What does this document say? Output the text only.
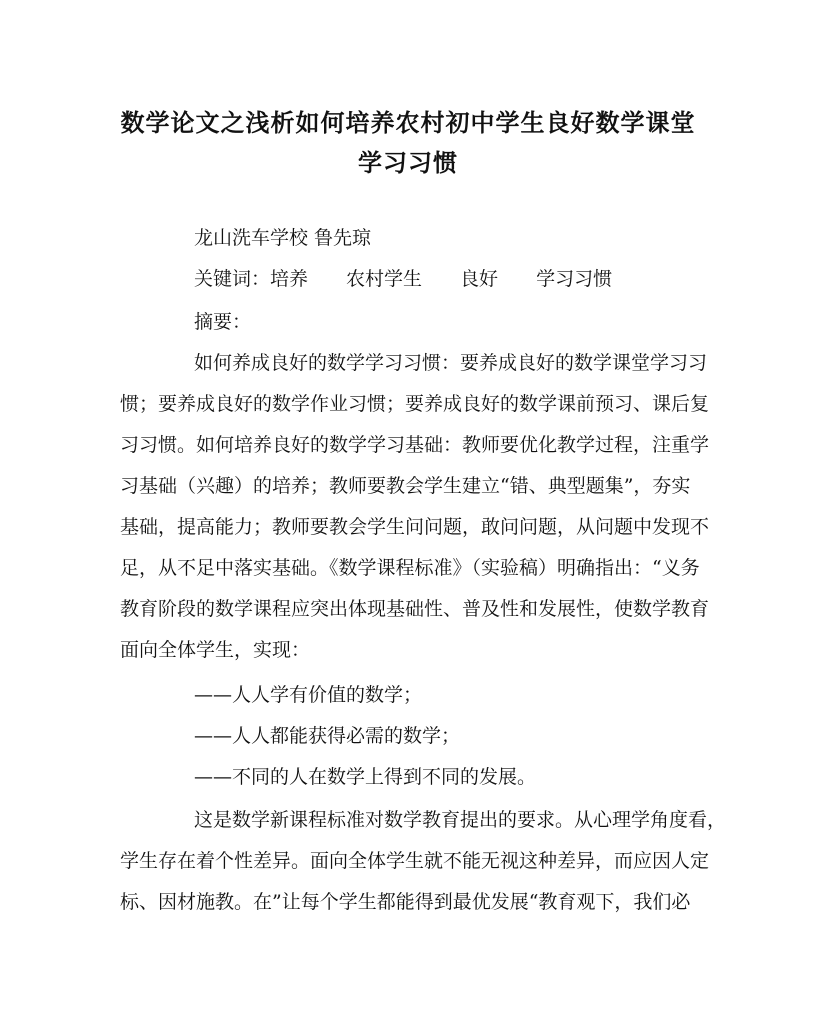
数学论文之浅析如何培养农村初中学生良好数学课堂
学习习惯
龙山洗车学校 鲁先琼
关键词：培养 农村学生 良好 学习习惯
摘要：
如何养成良好的数学学习习惯：要养成良好的数学课堂学习习
惯；要养成良好的数学作业习惯；要养成良好的数学课前预习、课后复
习习惯。如何培养良好的数学学习基础：教师要优化教学过程，注重学
习基础（兴趣）的培养；教师要教会学生建立“错、典型题集”，夯实
基础，提高能力；教师要教会学生问问题，敢问问题，从问题中发现不
足，从不足中落实基础。《数学课程标准》（实验稿）明确指出：“义务
教育阶段的数学课程应突出体现基础性、普及性和发展性，使数学教育
面向全体学生，实现：
——人人学有价值的数学；
——人人都能获得必需的数学；
——不同的人在数学上得到不同的发展。
这是数学新课程标准对数学教育提出的要求。从心理学角度看，
学生存在着个性差异。面向全体学生就不能无视这种差异，而应因人定
标、因材施教。在”让每个学生都能得到最优发展“教育观下，我们必
